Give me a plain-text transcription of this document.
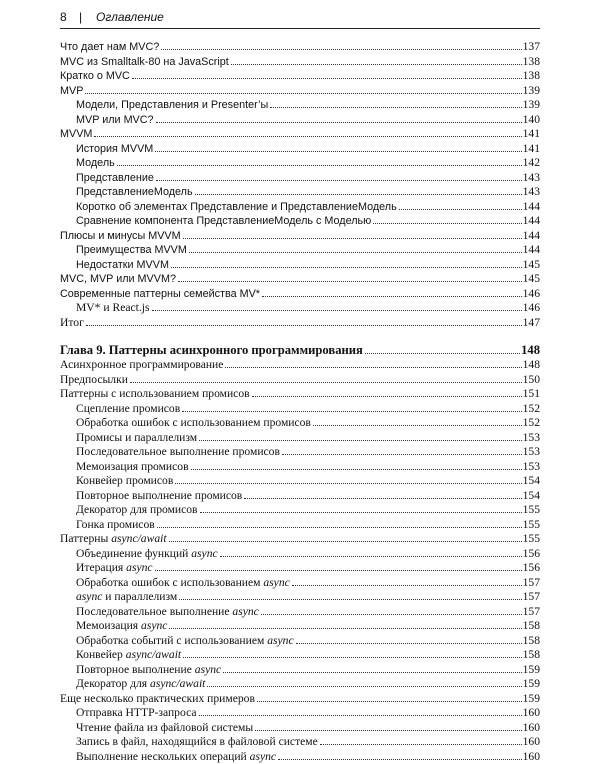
8 | Оглавление
Что дает нам MVC?	137
MVC из Smalltalk-80 на JavaScript	138
Кратко о MVC	138
MVP	139
Модели, Представления и Presenter’ы	139
MVP или MVC?	140
MVVM	141
История MVVM	141
Модель	142
Представление	143
ПредставлениеМодель	143
Коротко об элементах Представление и ПредставлениеМодель	144
Сравнение компонента ПредставлениеМодель с Моделью	144
Плюсы и минусы MVVM	144
Преимущества MVVM	144
Недостатки MVVM	145
MVC, MVP или MVVM?	145
Современные паттерны семейства MV*	146
MV* и React.js	146
Итог	147
Глава 9. Паттерны асинхронного программирования	148
Асинхронное программирование	148
Предпосылки	150
Паттерны с использованием промисов	151
Сцепление промисов	152
Обработка ошибок с использованием промисов	152
Промисы и параллелизм	153
Последовательное выполнение промисов	153
Мемоизация промисов	153
Конвейер промисов	154
Повторное выполнение промисов	154
Декоратор для промисов	155
Гонка промисов	155
Паттерны async/await	155
Объединение функций async	156
Итерация async	156
Обработка ошибок с использованием async	157
async и параллелизм	157
Последовательное выполнение async	157
Мемоизация async	158
Обработка событий с использованием async	158
Конвейер async/await	158
Повторное выполнение async	159
Декоратор для async/await	159
Еще несколько практических примеров	159
Отправка HTTP-запроса	160
Чтение файла из файловой системы	160
Запись в файл, находящийся в файловой системе	160
Выполнение нескольких операций async	160
